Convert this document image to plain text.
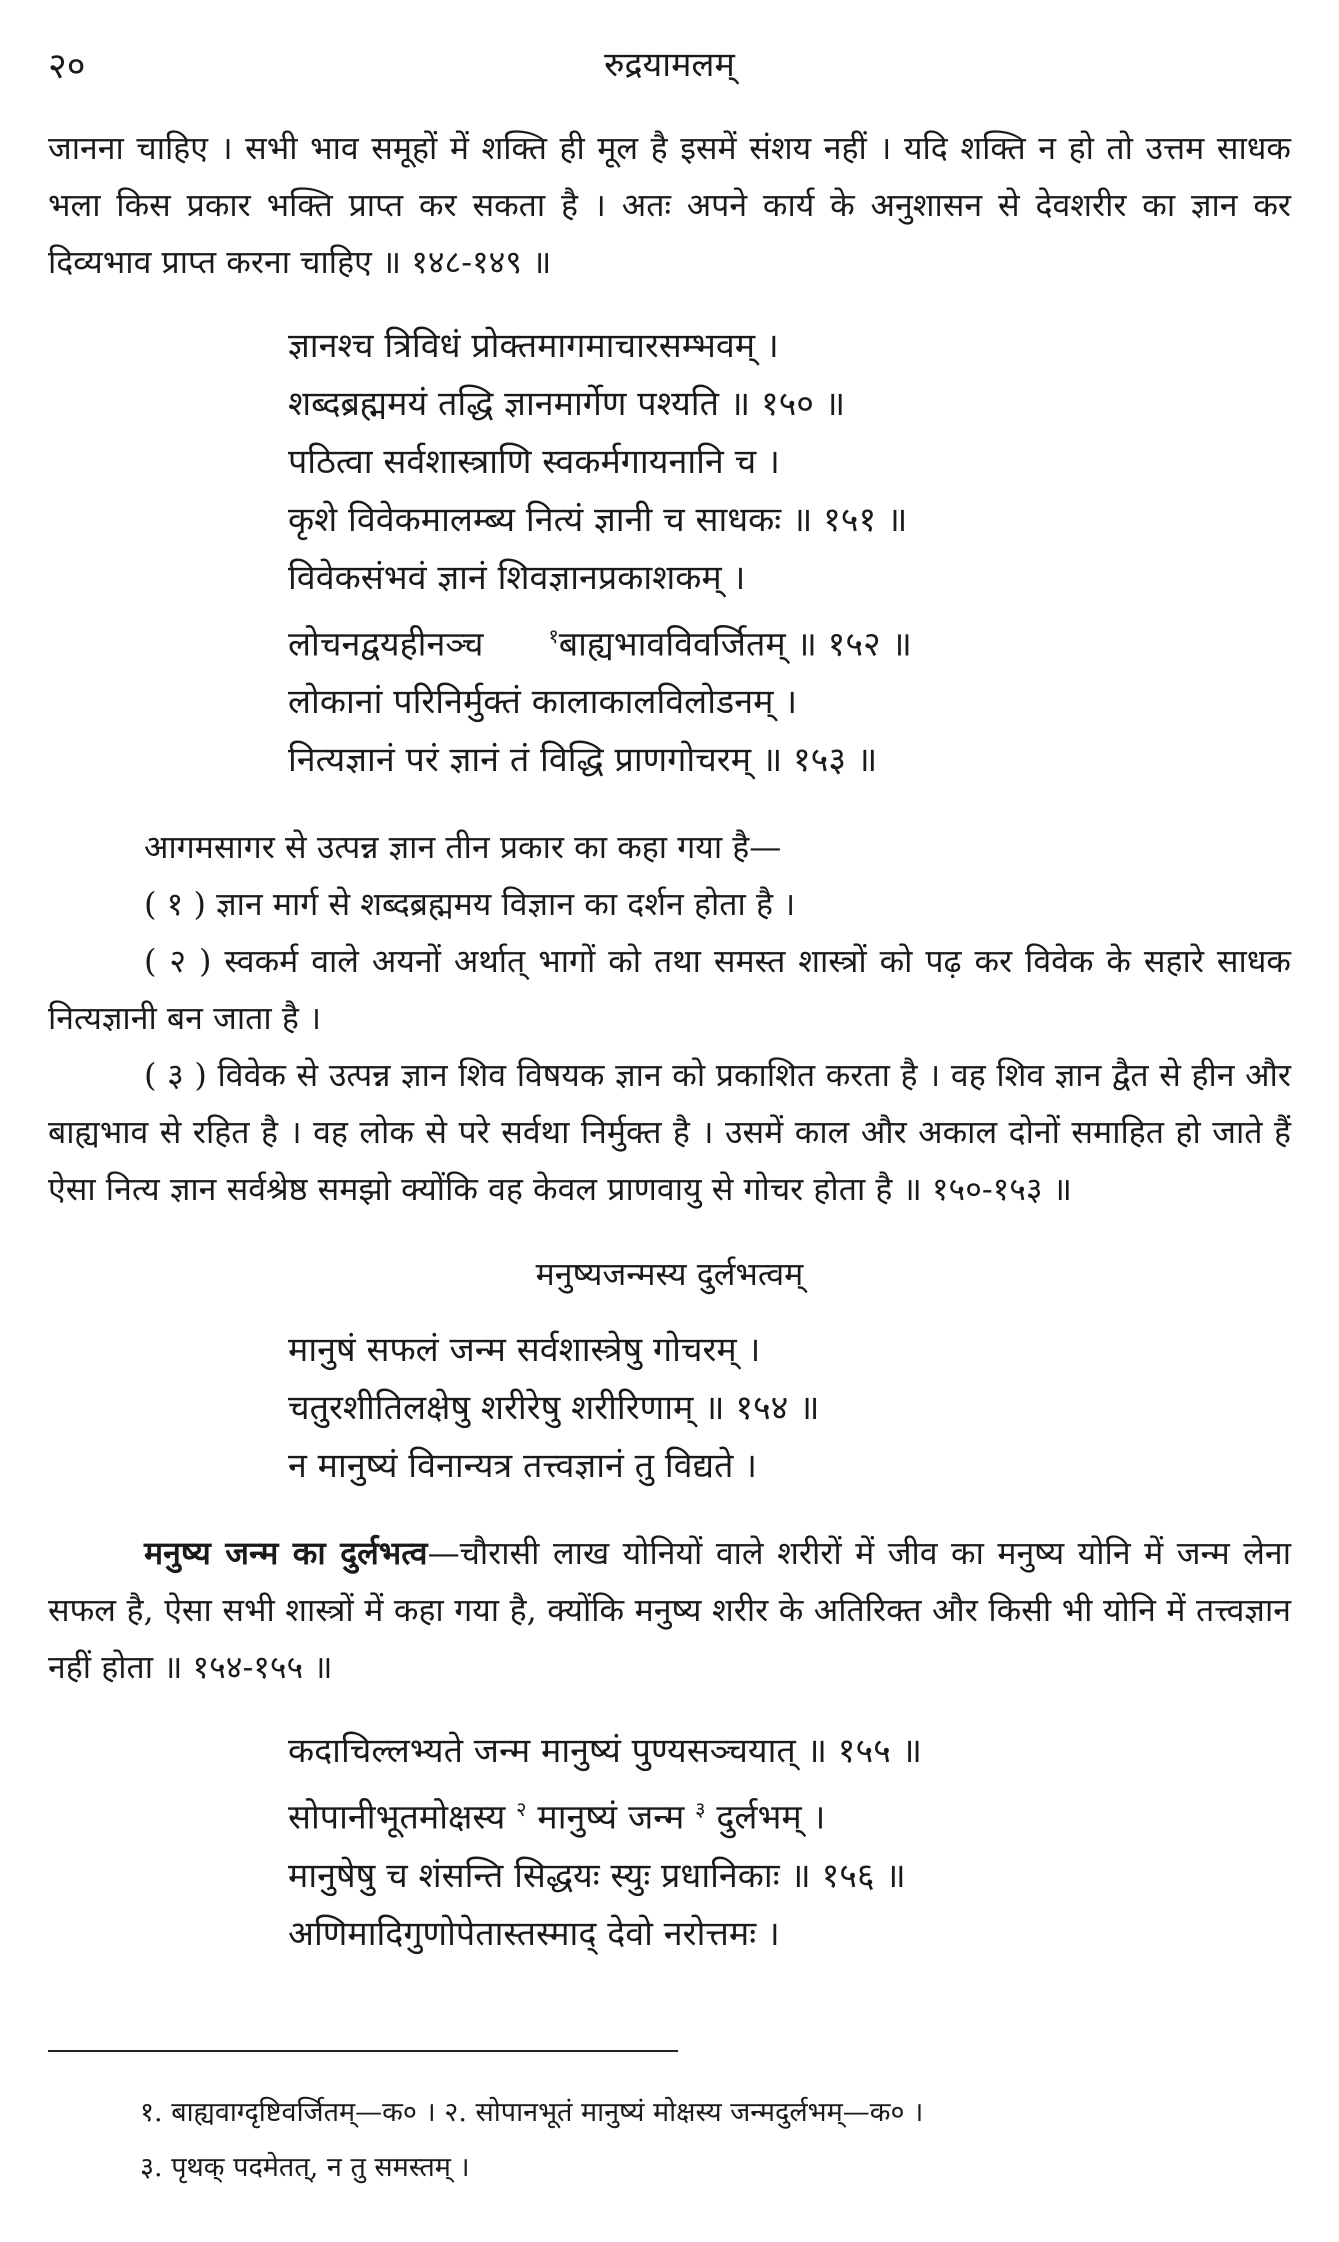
२०	रुद्रयामलम्

जानना चाहिए । सभी भाव समूहों में शक्ति ही मूल है इसमें संशय नहीं । यदि शक्ति न हो तो उत्तम साधक भला किस प्रकार भक्ति प्राप्त कर सकता है । अतः अपने कार्य के अनुशासन से देवशरीर का ज्ञान कर दिव्यभाव प्राप्त करना चाहिए ॥ १४८-१४९ ॥

ज्ञानश्च त्रिविधं प्रोक्तमागमाचारसम्भवम् ।
शब्दब्रह्ममयं तद्धि ज्ञानमार्गेण पश्यति ॥ १५० ॥
पठित्वा सर्वशास्त्राणि स्वकर्मगायनानि च ।
कृशे विवेकमालम्ब्य नित्यं ज्ञानी च साधकः ॥ १५१ ॥
विवेकसंभवं ज्ञानं शिवज्ञानप्रकाशकम् ।
लोचनद्वयहीनञ्च	$^१$बाह्यभावविवर्जितम् ॥ १५२ ॥
लोकानां परिनिर्मुक्तं कालाकालविलोडनम् ।
नित्यज्ञानं परं ज्ञानं तं विद्धि प्राणगोचरम् ॥ १५३ ॥

आगमसागर से उत्पन्न ज्ञान तीन प्रकार का कहा गया है—

( १ ) ज्ञान मार्ग से शब्दब्रह्ममय विज्ञान का दर्शन होता है ।

( २ ) स्वकर्म वाले अयनों अर्थात् भागों को तथा समस्त शास्त्रों को पढ़ कर विवेक के सहारे साधक नित्यज्ञानी बन जाता है ।

( ३ ) विवेक से उत्पन्न ज्ञान शिव विषयक ज्ञान को प्रकाशित करता है । वह शिव ज्ञान द्वैत से हीन और बाह्यभाव से रहित है । वह लोक से परे सर्वथा निर्मुक्त है । उसमें काल और अकाल दोनों समाहित हो जाते हैं ऐसा नित्य ज्ञान सर्वश्रेष्ठ समझो क्योंकि वह केवल प्राणवायु से गोचर होता है ॥ १५०-१५३ ॥

मनुष्यजन्मस्य दुर्लभत्वम्
मानुषं सफलं जन्म सर्वशास्त्रेषु गोचरम् ।
चतुरशीतिलक्षेषु शरीरेषु शरीरिणाम् ॥ १५४ ॥
न मानुष्यं विनान्यत्र तत्त्वज्ञानं तु विद्यते ।

मनुष्य जन्म का दुर्लभत्व—चौरासी लाख योनियों वाले शरीरों में जीव का मनुष्य योनि में जन्म लेना सफल है, ऐसा सभी शास्त्रों में कहा गया है, क्योंकि मनुष्य शरीर के अतिरिक्त और किसी भी योनि में तत्त्वज्ञान नहीं होता ॥ १५४-१५५ ॥

कदाचिल्लभ्यते जन्म मानुष्यं पुण्यसञ्चयात् ॥ १५५ ॥
सोपानीभूतमोक्षस्य $^२$ मानुष्यं जन्म $^३$ दुर्लभम् ।
मानुषेषु च शंसन्ति सिद्धयः स्युः प्रधानिकाः ॥ १५६ ॥
अणिमादिगुणोपेतास्तस्माद् देवो नरोत्तमः ।
१. बाह्यवाग्दृष्टिवर्जितम्—क० । २. सोपानभूतं मानुष्यं मोक्षस्य जन्मदुर्लभम्—क० ।
३. पृथक् पदमेतत्, न तु समस्तम् ।
